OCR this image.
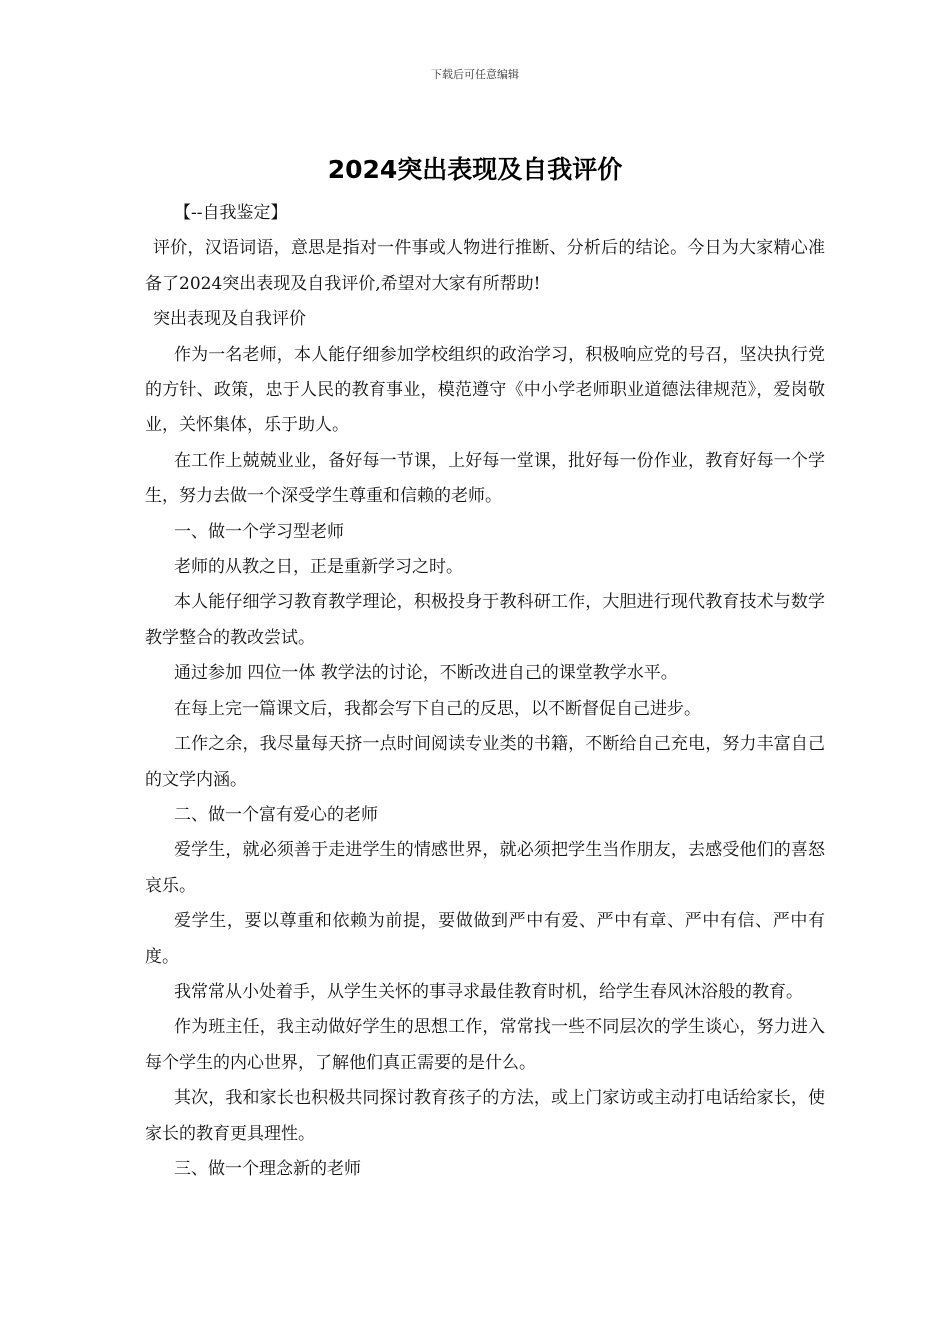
下载后可任意编辑
2024突出表现及自我评价

【--自我鉴定】

评价，汉语词语，意思是指对一件事或人物进行推断、分析后的结论。今日为大家精心准备了2024突出表现及自我评价,希望对大家有所帮助!

突出表现及自我评价

作为一名老师，本人能仔细参加学校组织的政治学习，积极响应党的号召，坚决执行党的方针、政策，忠于人民的教育事业，模范遵守《中小学老师职业道德法律规范》，爱岗敬业，关怀集体，乐于助人。

在工作上兢兢业业，备好每一节课，上好每一堂课，批好每一份作业，教育好每一个学生，努力去做一个深受学生尊重和信赖的老师。

一、做一个学习型老师

老师的从教之日，正是重新学习之时。

本人能仔细学习教育教学理论，积极投身于教科研工作，大胆进行现代教育技术与数学教学整合的教改尝试。

通过参加 四位一体 教学法的讨论，不断改进自己的课堂教学水平。

在每上完一篇课文后，我都会写下自己的反思，以不断督促自己进步。

工作之余，我尽量每天挤一点时间阅读专业类的书籍，不断给自己充电，努力丰富自己的文学内涵。

二、做一个富有爱心的老师

爱学生，就必须善于走进学生的情感世界，就必须把学生当作朋友，去感受他们的喜怒哀乐。

爱学生，要以尊重和依赖为前提，要做做到严中有爱、严中有章、严中有信、严中有度。

我常常从小处着手，从学生关怀的事寻求最佳教育时机，给学生春风沐浴般的教育。

作为班主任，我主动做好学生的思想工作，常常找一些不同层次的学生谈心，努力进入每个学生的内心世界，了解他们真正需要的是什么。

其次，我和家长也积极共同探讨教育孩子的方法，或上门家访或主动打电话给家长，使家长的教育更具理性。

三、做一个理念新的老师
